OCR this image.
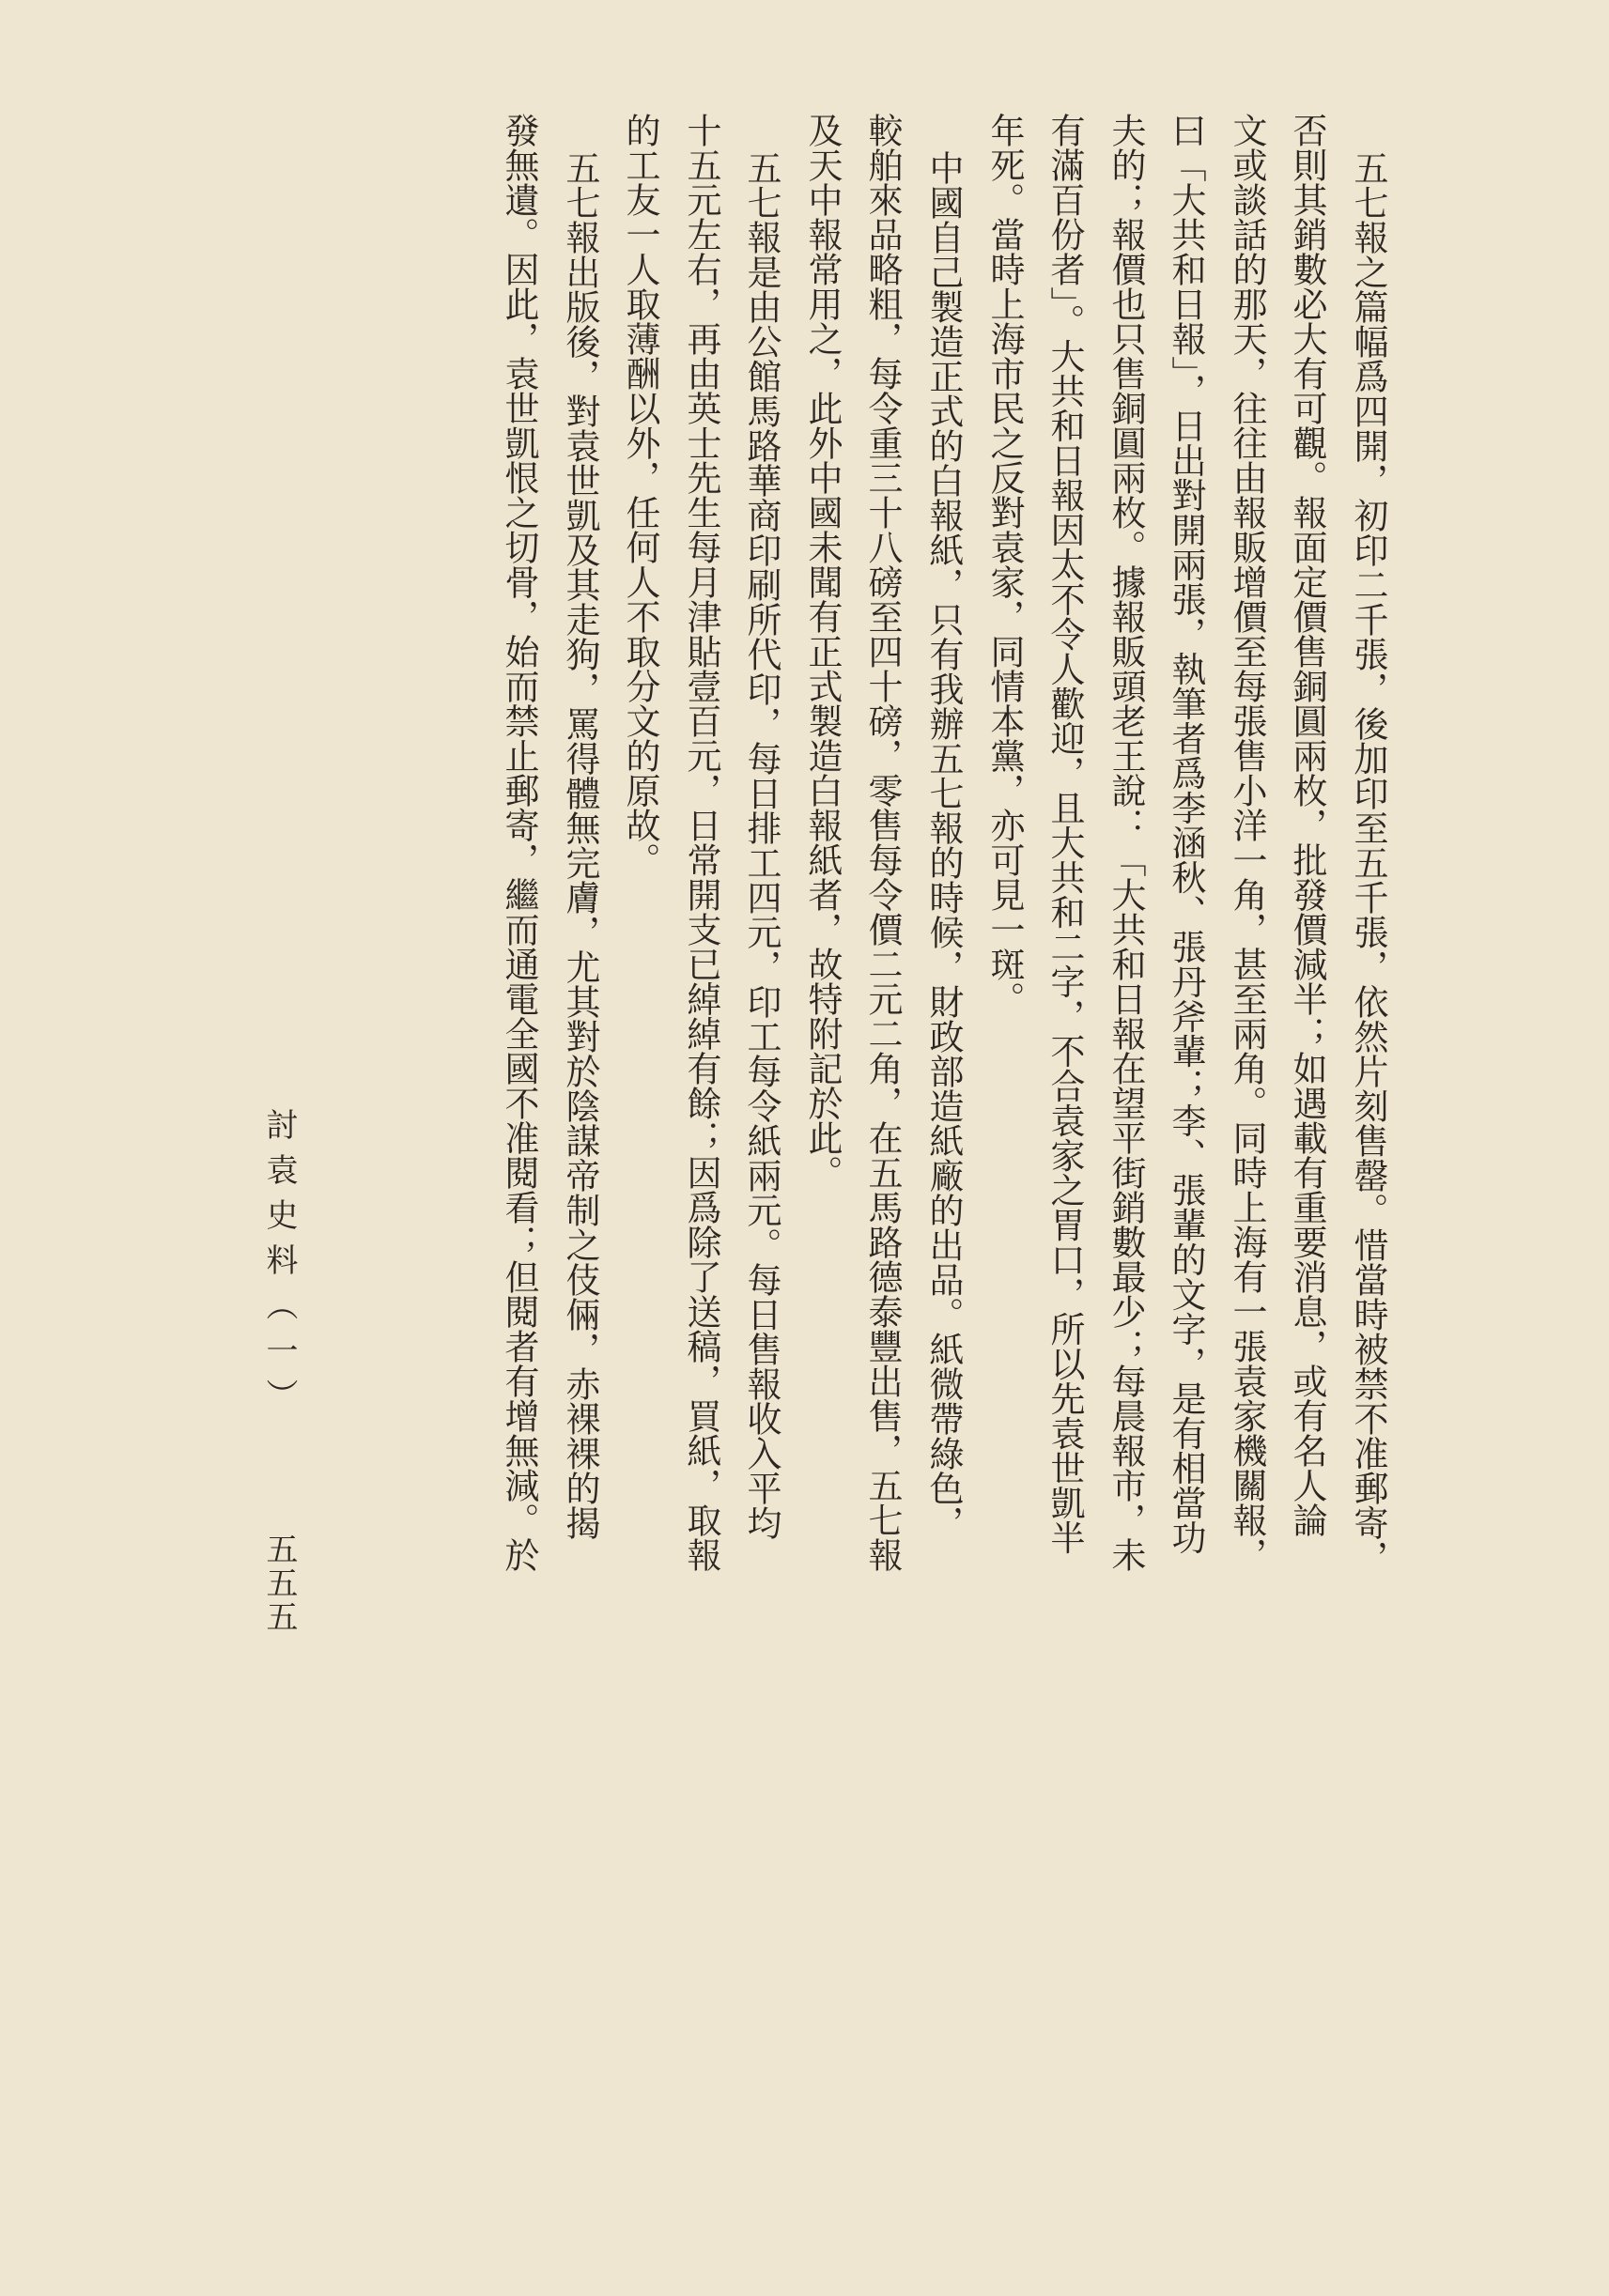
五七報之篇幅爲四開，初印二千張，後加印至五千張，依然片刻售罄。惜當時被禁不准郵寄，
否則其銷數必大有可觀。報面定價售銅圓兩枚，批發價減半；如遇載有重要消息，或有名人論
文或談話的那天，往往由報販增價至每張售小洋一角，甚至兩角。同時上海有一張袁家機關報，
曰「大共和日報」，日出對開兩張，執筆者爲李涵秋、張丹斧輩；李、張輩的文字，是有相當功
夫的；報價也只售銅圓兩枚。據報販頭老王說：「大共和日報在望平街銷數最少；每晨報市，未
有滿百份者」。大共和日報因太不令人歡迎，且大共和二字，不合袁家之胃口，所以先袁世凱半
年死。當時上海市民之反對袁家，同情本黨，亦可見一斑。
中國自己製造正式的白報紙，只有我辦五七報的時候，財政部造紙廠的出品。紙微帶綠色，
較舶來品略粗，每令重三十八磅至四十磅，零售每令價二元二角，在五馬路德泰豐出售，五七報
及天中報常用之，此外中國未聞有正式製造白報紙者，故特附記於此。
五七報是由公館馬路華商印刷所代印，每日排工四元，印工每令紙兩元。每日售報收入平均
十五元左右，再由英士先生每月津貼壹百元，日常開支已綽綽有餘；因爲除了送稿，買紙，取報
的工友一人取薄酬以外，任何人不取分文的原故。
五七報出版後，對袁世凱及其走狗，罵得體無完膚，尤其對於陰謀帝制之伎倆，赤裸裸的揭
發無遺。因此，袁世凱恨之切骨，始而禁止郵寄，繼而通電全國不准閱看；但閱者有增無減。於
討袁史料（一）
五五五
